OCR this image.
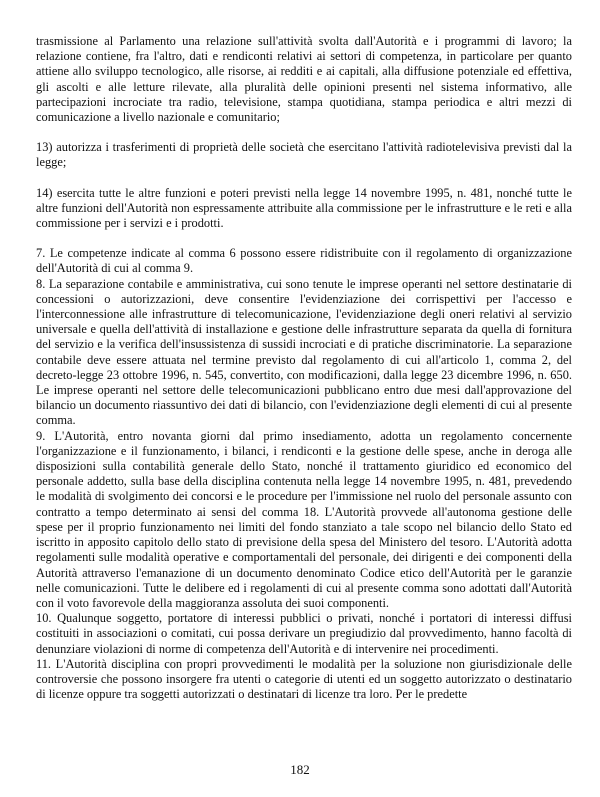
trasmissione al Parlamento una relazione sull'attività svolta dall'Autorità e i programmi di lavoro; la relazione contiene, fra l'altro, dati e rendiconti relativi ai settori di competenza, in particolare per quanto attiene allo sviluppo tecnologico, alle risorse, ai redditi e ai capitali, alla diffusione potenziale ed effettiva, gli ascolti e alle letture rilevate, alla pluralità delle opinioni presenti nel sistema informativo, alle partecipazioni incrociate tra radio, televisione, stampa quotidiana, stampa periodica e altri mezzi di comunicazione a livello nazionale e comunitario;

13) autorizza i trasferimenti di proprietà delle società che esercitano l'attività radiotelevisiva previsti dal la legge;

14) esercita tutte le altre funzioni e poteri previsti nella legge 14 novembre 1995, n. 481, nonché tutte le altre funzioni dell'Autorità non espressamente attribuite alla commissione per le infrastrutture e le reti e alla commissione per i servizi e i prodotti.

7. Le competenze indicate al comma 6 possono essere ridistribuite con il regolamento di organizzazione dell'Autorità di cui al comma 9.

8. La separazione contabile e amministrativa, cui sono tenute le imprese operanti nel settore destinatarie di concessioni o autorizzazioni, deve consentire l'evidenziazione dei corrispettivi per l'accesso e l'interconnessione alle infrastrutture di telecomunicazione, l'evidenziazione degli oneri relativi al servizio universale e quella dell'attività di installazione e gestione delle infrastrutture separata da quella di fornitura del servizio e la verifica dell'insussistenza di sussidi incrociati e di pratiche discriminatorie. La separazione contabile deve essere attuata nel termine previsto dal regolamento di cui all'articolo 1, comma 2, del decreto-legge 23 ottobre 1996, n. 545, convertito, con modificazioni, dalla legge 23 dicembre 1996, n. 650. Le imprese operanti nel settore delle telecomunicazioni pubblicano entro due mesi dall'approvazione del bilancio un documento riassuntivo dei dati di bilancio, con l'evidenziazione degli elementi di cui al presente comma.

9. L'Autorità, entro novanta giorni dal primo insediamento, adotta un regolamento concernente l'organizzazione e il funzionamento, i bilanci, i rendiconti e la gestione delle spese, anche in deroga alle disposizioni sulla contabilità generale dello Stato, nonché il trattamento giuridico ed economico del personale addetto, sulla base della disciplina contenuta nella legge 14 novembre 1995, n. 481, prevedendo le modalità di svolgimento dei concorsi e le procedure per l'immissione nel ruolo del personale assunto con contratto a tempo determinato ai sensi del comma 18. L'Autorità provvede all'autonoma gestione delle spese per il proprio funzionamento nei limiti del fondo stanziato a tale scopo nel bilancio dello Stato ed iscritto in apposito capitolo dello stato di previsione della spesa del Ministero del tesoro. L'Autorità adotta regolamenti sulle modalità operative e comportamentali del personale, dei dirigenti e dei componenti della Autorità attraverso l'emanazione di un documento denominato Codice etico dell'Autorità per le garanzie nelle comunicazioni. Tutte le delibere ed i regolamenti di cui al presente comma sono adottati dall'Autorità con il voto favorevole della maggioranza assoluta dei suoi componenti.

10. Qualunque soggetto, portatore di interessi pubblici o privati, nonché i portatori di interessi diffusi costituiti in associazioni o comitati, cui possa derivare un pregiudizio dal provvedimento, hanno facoltà di denunziare violazioni di norme di competenza dell'Autorità e di intervenire nei procedimenti.

11. L'Autorità disciplina con propri provvedimenti le modalità per la soluzione non giurisdizionale delle controversie che possono insorgere fra utenti o categorie di utenti ed un soggetto autorizzato o destinatario di licenze oppure tra soggetti autorizzati o destinatari di licenze tra loro. Per le predette

182
